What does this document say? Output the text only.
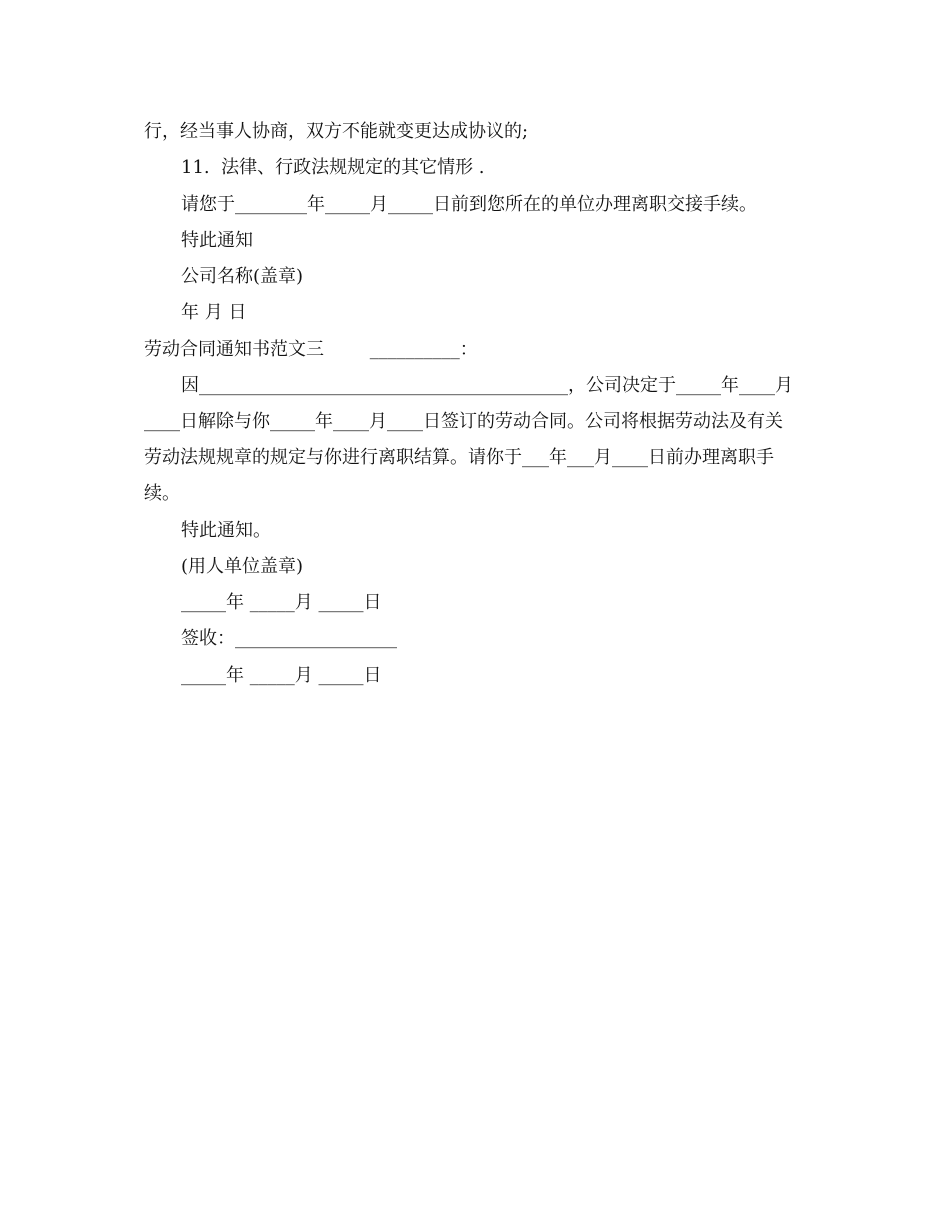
行，经当事人协商，双方不能就变更达成协议的;
11.  法律、行政法规规定的其它情形 .
请您于________年_____月_____日前到您所在的单位办理离职交接手续。
特此通知
公司名称(盖章)
年 月 日
劳动合同通知书范文三        __________：
因_________________________________________，公司决定于_____年____月
____日解除与你_____年____月____日签订的劳动合同。公司将根据劳动法及有关
劳动法规规章的规定与你进行离职结算。请你于___年___月____日前办理离职手
续。
特此通知。
(用人单位盖章)
_____年 _____月 _____日
签收：__________________
_____年 _____月 _____日
